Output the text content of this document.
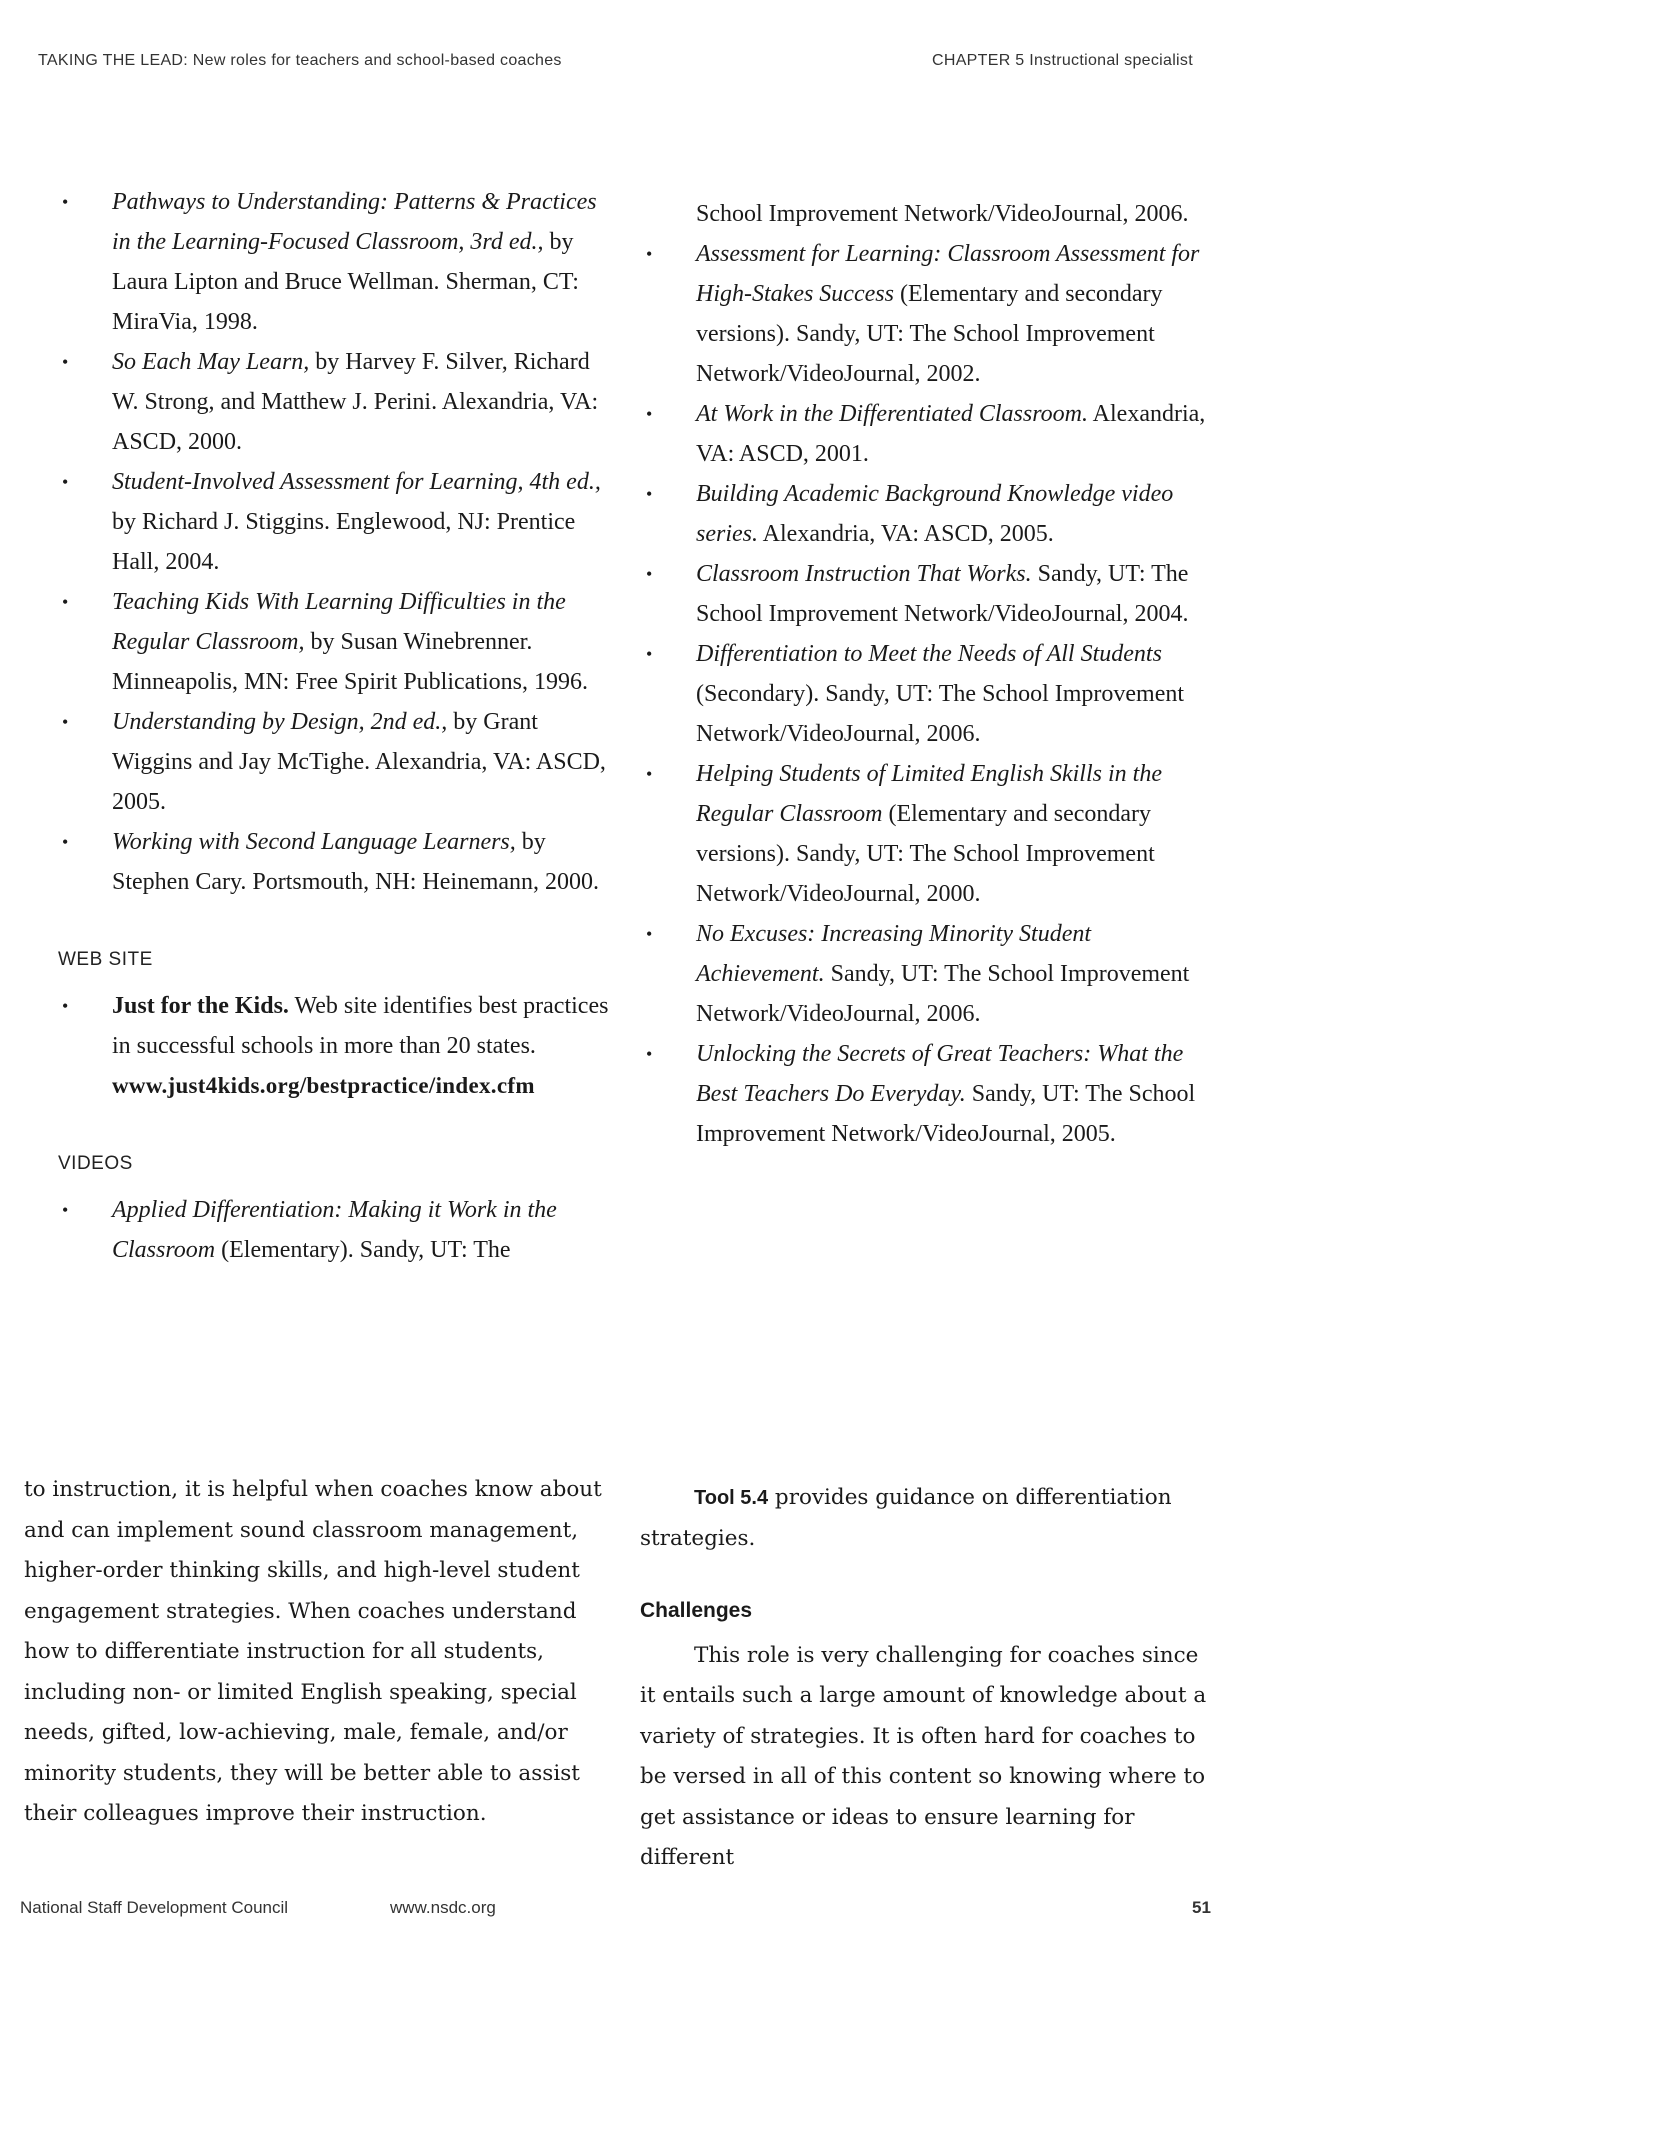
TAKING THE LEAD: New roles for teachers and school-based coaches	CHAPTER 5 Instructional specialist
• Pathways to Understanding: Patterns & Practices in the Learning-Focused Classroom, 3rd ed., by Laura Lipton and Bruce Wellman. Sherman, CT: MiraVia, 1998.
• So Each May Learn, by Harvey F. Silver, Richard W. Strong, and Matthew J. Perini. Alexandria, VA: ASCD, 2000.
• Student-Involved Assessment for Learning, 4th ed., by Richard J. Stiggins. Englewood, NJ: Prentice Hall, 2004.
• Teaching Kids With Learning Difficulties in the Regular Classroom, by Susan Winebrenner. Minneapolis, MN: Free Spirit Publications, 1996.
• Understanding by Design, 2nd ed., by Grant Wiggins and Jay McTighe. Alexandria, VA: ASCD, 2005.
• Working with Second Language Learners, by Stephen Cary. Portsmouth, NH: Heinemann, 2000.
WEB SITE
• Just for the Kids. Web site identifies best practices in successful schools in more than 20 states.
www.just4kids.org/bestpractice/index.cfm
VIDEOS
• Applied Differentiation: Making it Work in the Classroom (Elementary). Sandy, UT: The
School Improvement Network/VideoJournal, 2006.
• Assessment for Learning: Classroom Assessment for High-Stakes Success (Elementary and secondary versions). Sandy, UT: The School Improvement Network/VideoJournal, 2002.
• At Work in the Differentiated Classroom. Alexandria, VA: ASCD, 2001.
• Building Academic Background Knowledge video series. Alexandria, VA: ASCD, 2005.
• Classroom Instruction That Works. Sandy, UT: The School Improvement Network/VideoJournal, 2004.
• Differentiation to Meet the Needs of All Students (Secondary). Sandy, UT: The School Improvement Network/VideoJournal, 2006.
• Helping Students of Limited English Skills in the Regular Classroom (Elementary and secondary versions). Sandy, UT: The School Improvement Network/VideoJournal, 2000.
• No Excuses: Increasing Minority Student Achievement. Sandy, UT: The School Improvement Network/VideoJournal, 2006.
• Unlocking the Secrets of Great Teachers: What the Best Teachers Do Everyday. Sandy, UT: The School Improvement Network/VideoJournal, 2005.

to instruction, it is helpful when coaches know about and can implement sound classroom management, higher-order thinking skills, and high-level student engagement strategies. When coaches understand how to differentiate instruction for all students, including non- or limited English speaking, special needs, gifted, low-achieving, male, female, and/or minority students, they will be better able to assist their colleagues improve their instruction.

Tool 5.4 provides guidance on differentiation strategies.

Challenges

This role is very challenging for coaches since it entails such a large amount of knowledge about a variety of strategies. It is often hard for coaches to be versed in all of this content so knowing where to get assistance or ideas to ensure learning for different

National Staff Development Council	www.nsdc.org	51
